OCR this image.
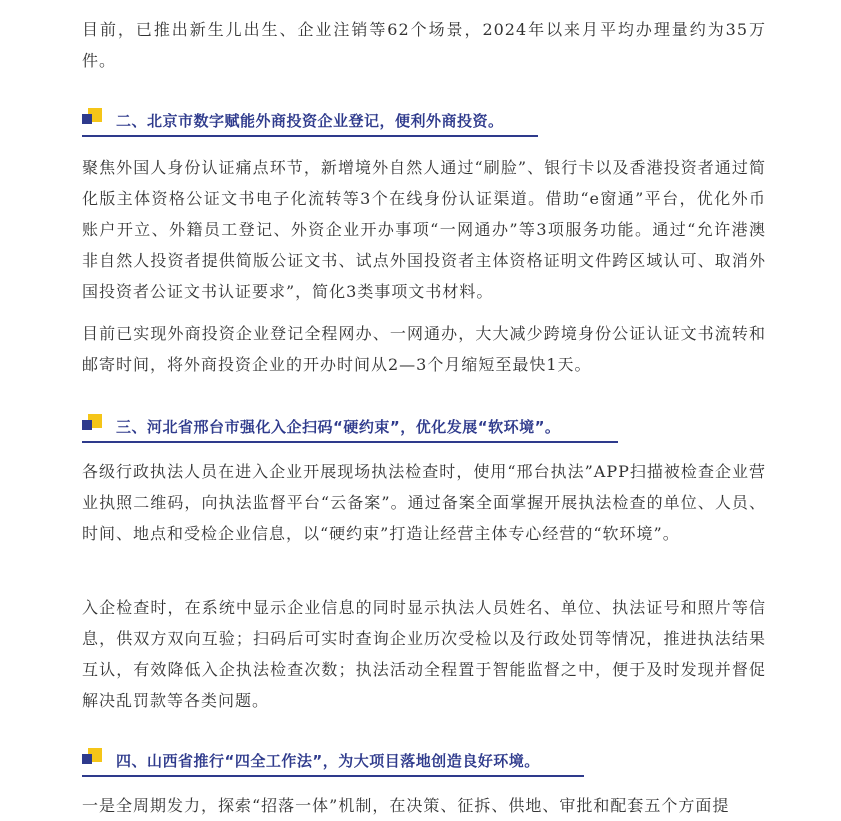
目前，已推出新生儿出生、企业注销等62个场景，2024年以来月平均办理量约为35万件。

二、北京市数字赋能外商投资企业登记，便利外商投资。

聚焦外国人身份认证痛点环节，新增境外自然人通过“刷脸”、银行卡以及香港投资者通过简化版主体资格公证文书电子化流转等3个在线身份认证渠道。借助“e窗通”平台，优化外币账户开立、外籍员工登记、外资企业开办事项“一网通办”等3项服务功能。通过“允许港澳非自然人投资者提供简版公证文书、试点外国投资者主体资格证明文件跨区域认可、取消外国投资者公证文书认证要求”，简化3类事项文书材料。

目前已实现外商投资企业登记全程网办、一网通办，大大减少跨境身份公证认证文书流转和邮寄时间，将外商投资企业的开办时间从2—3个月缩短至最快1天。

三、河北省邢台市强化入企扫码“硬约束”，优化发展“软环境”。

各级行政执法人员在进入企业开展现场执法检查时，使用“邢台执法”APP扫描被检查企业营业执照二维码，向执法监督平台“云备案”。通过备案全面掌握开展执法检查的单位、人员、时间、地点和受检企业信息，以“硬约束”打造让经营主体专心经营的“软环境”。

入企检查时，在系统中显示企业信息的同时显示执法人员姓名、单位、执法证号和照片等信息，供双方双向互验；扫码后可实时查询企业历次受检以及行政处罚等情况，推进执法结果互认，有效降低入企执法检查次数；执法活动全程置于智能监督之中，便于及时发现并督促解决乱罚款等各类问题。

四、山西省推行“四全工作法”，为大项目落地创造良好环境。

一是全周期发力，探索“招落一体”机制，在决策、征拆、供地、审批和配套五个方面提
